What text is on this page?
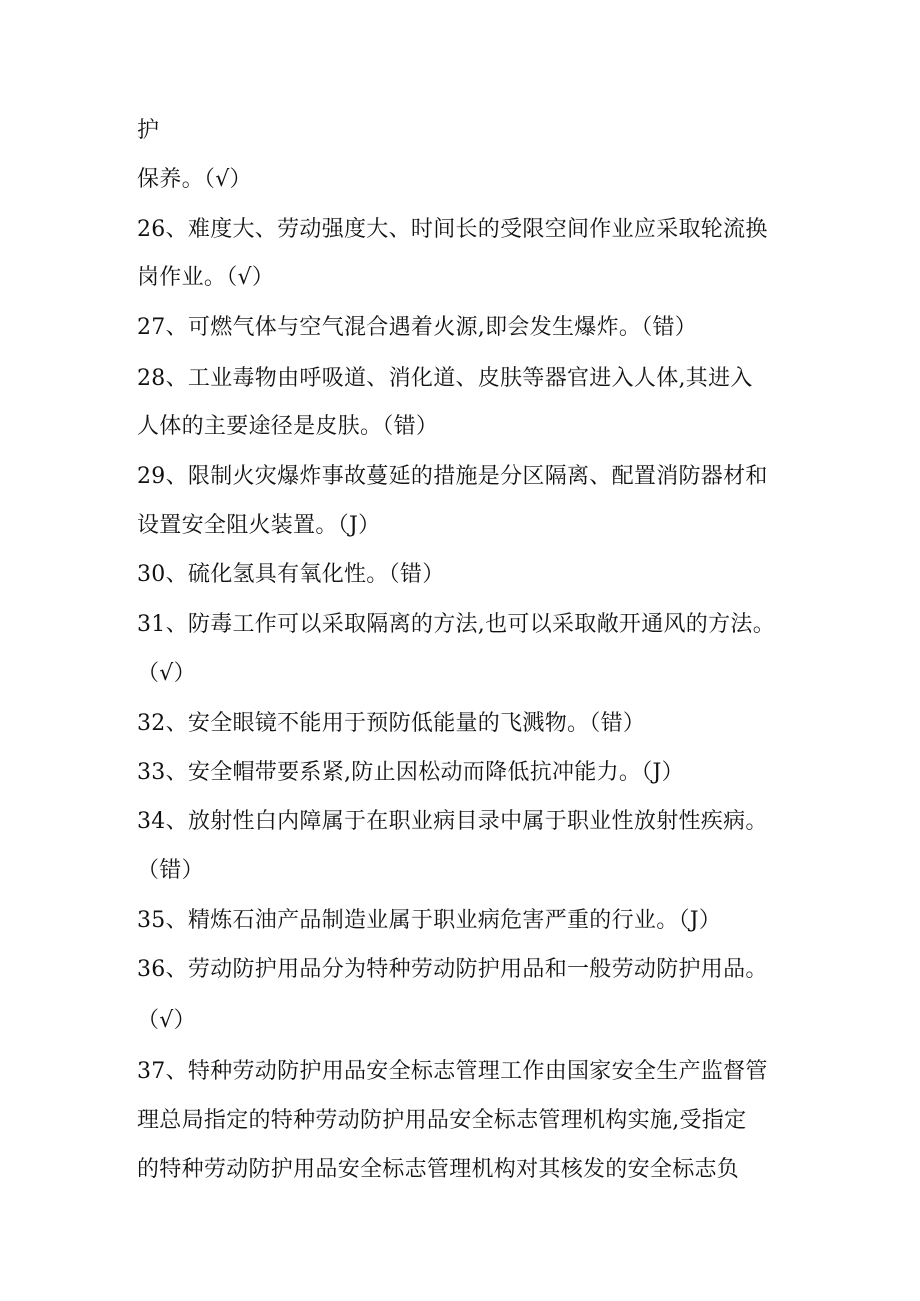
护
保养。（√）
26、难度大、劳动强度大、时间长的受限空间作业应采取轮流换
岗作业。（√）
27、可燃气体与空气混合遇着火源,即会发生爆炸。（错）
28、工业毒物由呼吸道、消化道、皮肤等器官进入人体,其进入
人体的主要途径是皮肤。（错）
29、限制火灾爆炸事故蔓延的措施是分区隔离、配置消防器材和
设置安全阻火装置。（J）
30、硫化氢具有氧化性。（错）
31、防毒工作可以采取隔离的方法,也可以采取敞开通风的方法。
（√）
32、安全眼镜不能用于预防低能量的飞溅物。（错）
33、安全帽带要系紧,防止因松动而降低抗冲能力。（J）
34、放射性白内障属于在职业病目录中属于职业性放射性疾病。
（错）
35、精炼石油产品制造业属于职业病危害严重的行业。（J）
36、劳动防护用品分为特种劳动防护用品和一般劳动防护用品。
（√）
37、特种劳动防护用品安全标志管理工作由国家安全生产监督管
理总局指定的特种劳动防护用品安全标志管理机构实施,受指定
的特种劳动防护用品安全标志管理机构对其核发的安全标志负
